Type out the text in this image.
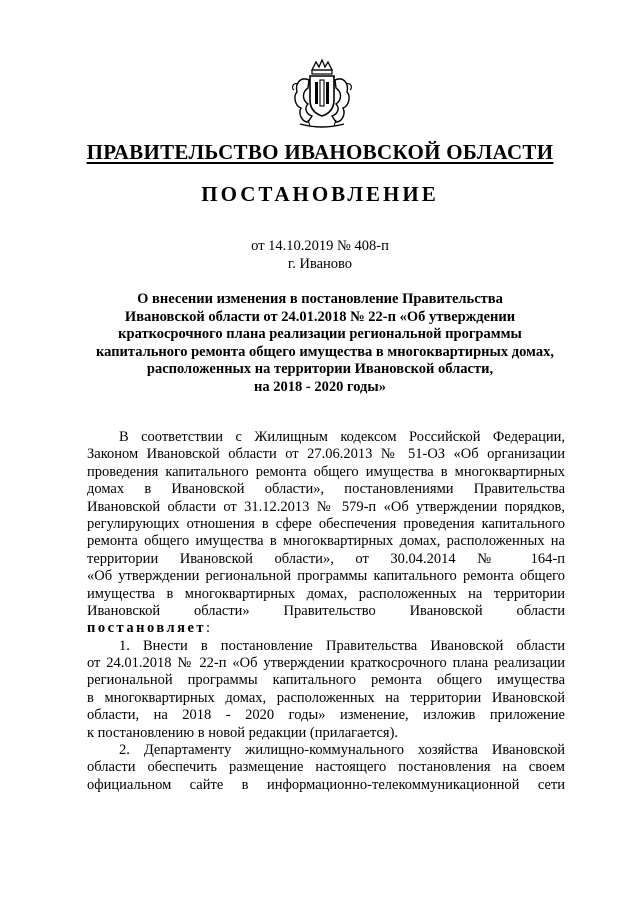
ПРАВИТЕЛЬСТВО ИВАНОВСКОЙ ОБЛАСТИ
ПОСТАНОВЛЕНИЕ
от 14.10.2019 № 408-п
г. Иваново
О внесении изменения в постановление Правительства
Ивановской области от 24.01.2018 № 22-п «Об утверждении
краткосрочного плана реализации региональной программы
капитального ремонта общего имущества в многоквартирных домах,
расположенных на территории Ивановской области,
на 2018 - 2020 годы»
В соответствии с Жилищным кодексом Российской Федерации,
Законом Ивановской области от 27.06.2013 № 51-ОЗ «Об организации
проведения капитального ремонта общего имущества в многоквартирных
домах в Ивановской области», постановлениями Правительства
Ивановской области от 31.12.2013 № 579-п «Об утверждении порядков,
регулирующих отношения в сфере обеспечения проведения капитального
ремонта общего имущества в многоквартирных домах, расположенных на
территории Ивановской области», от 30.04.2014 № 164-п
«Об утверждении региональной программы капитального ремонта общего
имущества в многоквартирных домах, расположенных на территории
Ивановской области» Правительство Ивановской области
постановляет:
1. Внести в постановление Правительства Ивановской области
от 24.01.2018 № 22-п «Об утверждении краткосрочного плана реализации
региональной программы капитального ремонта общего имущества
в многоквартирных домах, расположенных на территории Ивановской
области, на 2018 - 2020 годы» изменение, изложив приложение
к постановлению в новой редакции (прилагается).
2. Департаменту жилищно-коммунального хозяйства Ивановской
области обеспечить размещение настоящего постановления на своем
официальном сайте в информационно-телекоммуникационной сети
